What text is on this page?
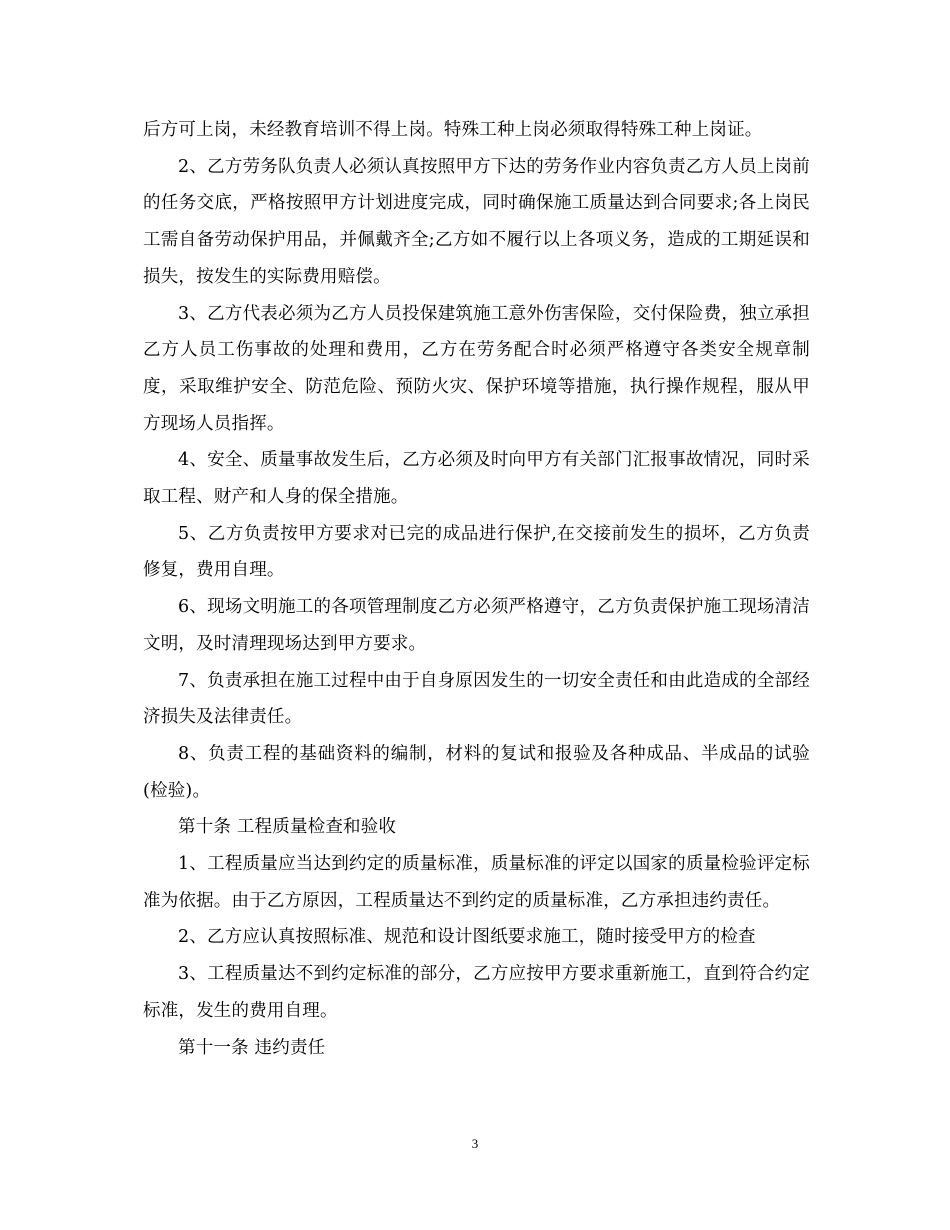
后方可上岗，未经教育培训不得上岗。特殊工种上岗必须取得特殊工种上岗证。

2、乙方劳务队负责人必须认真按照甲方下达的劳务作业内容负责乙方人员上岗前的任务交底，严格按照甲方计划进度完成，同时确保施工质量达到合同要求;各上岗民工需自备劳动保护用品，并佩戴齐全;乙方如不履行以上各项义务，造成的工期延误和损失，按发生的实际费用赔偿。

3、乙方代表必须为乙方人员投保建筑施工意外伤害保险，交付保险费，独立承担乙方人员工伤事故的处理和费用，乙方在劳务配合时必须严格遵守各类安全规章制度，采取维护安全、防范危险、预防火灾、保护环境等措施，执行操作规程，服从甲方现场人员指挥。

4、安全、质量事故发生后，乙方必须及时向甲方有关部门汇报事故情况，同时采取工程、财产和人身的保全措施。

5、乙方负责按甲方要求对已完的成品进行保护,在交接前发生的损坏，乙方负责修复，费用自理。

6、现场文明施工的各项管理制度乙方必须严格遵守，乙方负责保护施工现场清洁文明，及时清理现场达到甲方要求。

7、负责承担在施工过程中由于自身原因发生的一切安全责任和由此造成的全部经济损失及法律责任。

8、负责工程的基础资料的编制，材料的复试和报验及各种成品、半成品的试验(检验)。

第十条 工程质量检查和验收

1、工程质量应当达到约定的质量标准，质量标准的评定以国家的质量检验评定标准为依据。由于乙方原因，工程质量达不到约定的质量标准，乙方承担违约责任。

2、乙方应认真按照标准、规范和设计图纸要求施工，随时接受甲方的检查

3、工程质量达不到约定标准的部分，乙方应按甲方要求重新施工，直到符合约定标准，发生的费用自理。

第十一条 违约责任

3
